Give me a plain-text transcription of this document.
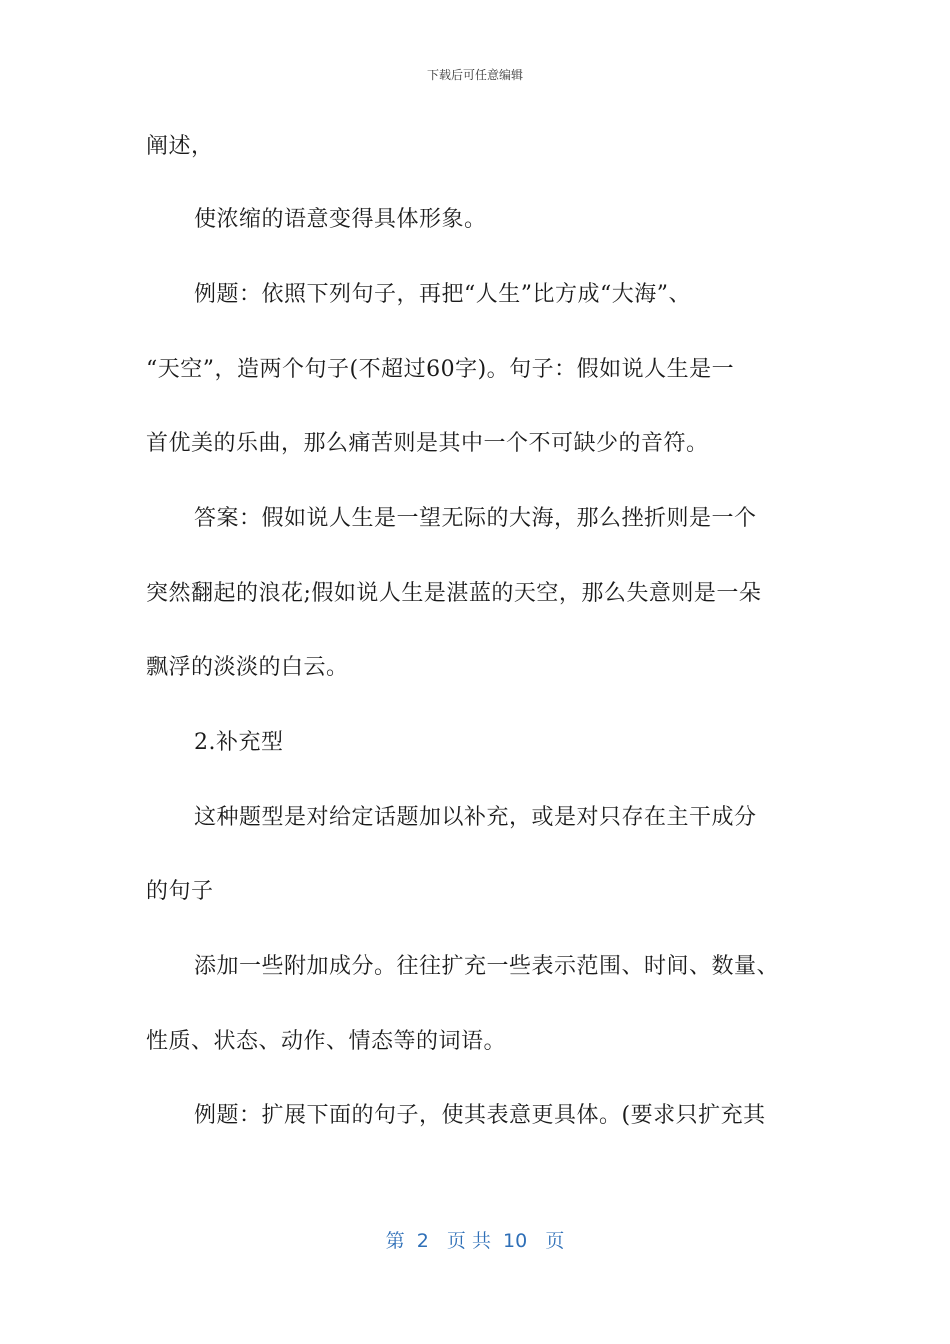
下载后可任意编辑
阐述，
使浓缩的语意变得具体形象。
例题：依照下列句子，再把“人生”比方成“大海”、
“天空”，造两个句子(不超过60字)。句子：假如说人生是一
首优美的乐曲，那么痛苦则是其中一个不可缺少的音符。
答案：假如说人生是一望无际的大海，那么挫折则是一个
突然翻起的浪花;假如说人生是湛蓝的天空，那么失意则是一朵
飘浮的淡淡的白云。
2.补充型
这种题型是对给定话题加以补充，或是对只存在主干成分
的句子
添加一些附加成分。往往扩充一些表示范围、时间、数量、
性质、状态、动作、情态等的词语。
例题：扩展下面的句子，使其表意更具体。(要求只扩充其
第  2   页 共  10   页
